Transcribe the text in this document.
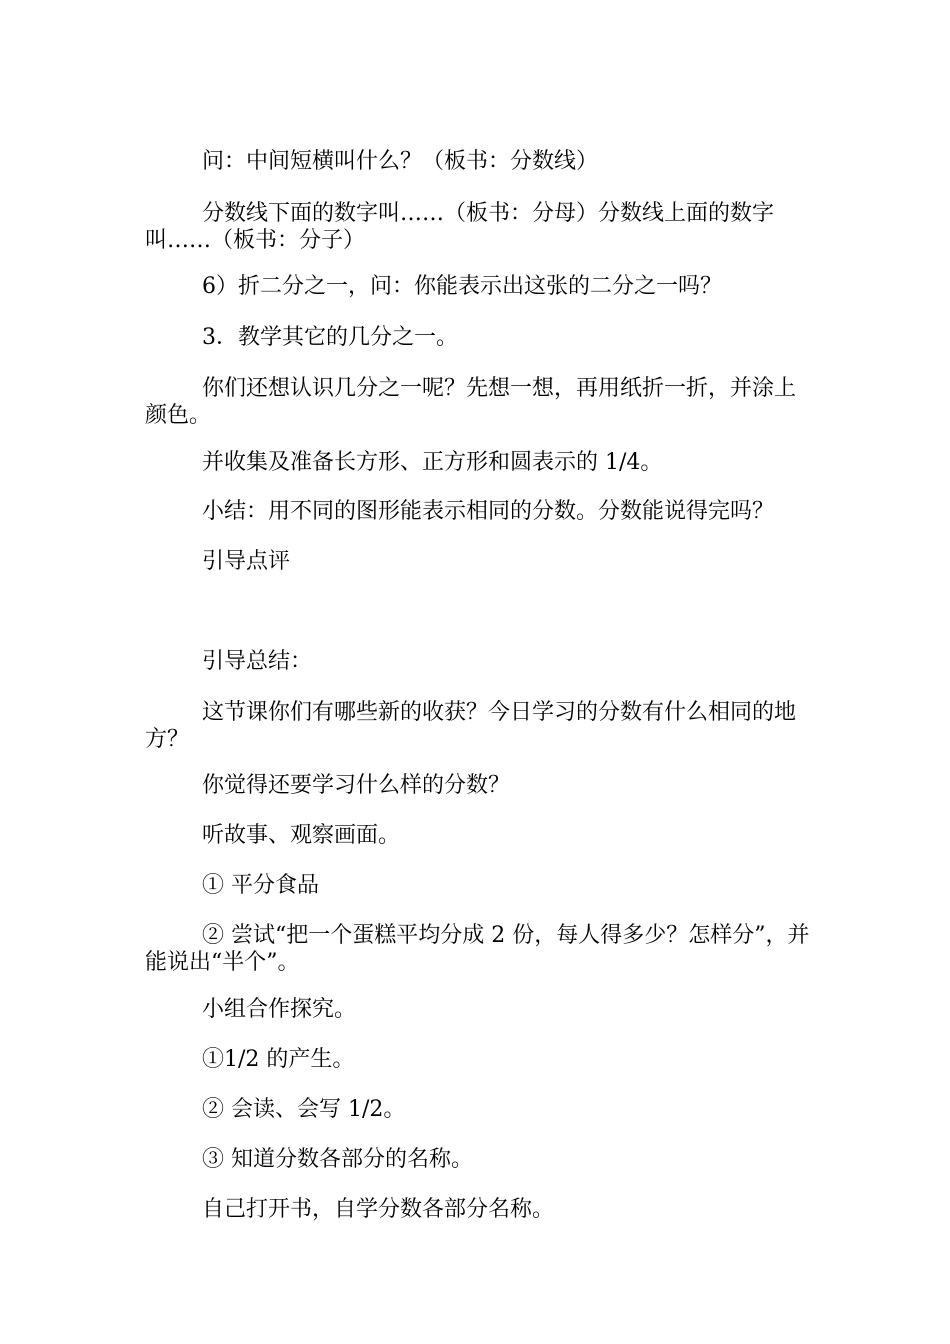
问：中间短横叫什么？（板书：分数线）

分数线下面的数字叫……（板书：分母）分数线上面的数字叫……（板书：分子）

6）折二分之一，问：你能表示出这张的二分之一吗？

3．教学其它的几分之一。

你们还想认识几分之一呢？先想一想，再用纸折一折，并涂上颜色。

并收集及准备长方形、正方形和圆表示的 1/4。

小结：用不同的图形能表示相同的分数。分数能说得完吗？

引导点评

引导总结：

这节课你们有哪些新的收获？今日学习的分数有什么相同的地方？

你觉得还要学习什么样的分数？

听故事、观察画面。

① 平分食品

② 尝试“把一个蛋糕平均分成 2 份，每人得多少？怎样分”，并能说出“半个”。

小组合作探究。

①1/2 的产生。

② 会读、会写 1/2。

③ 知道分数各部分的名称。

自己打开书，自学分数各部分名称。
